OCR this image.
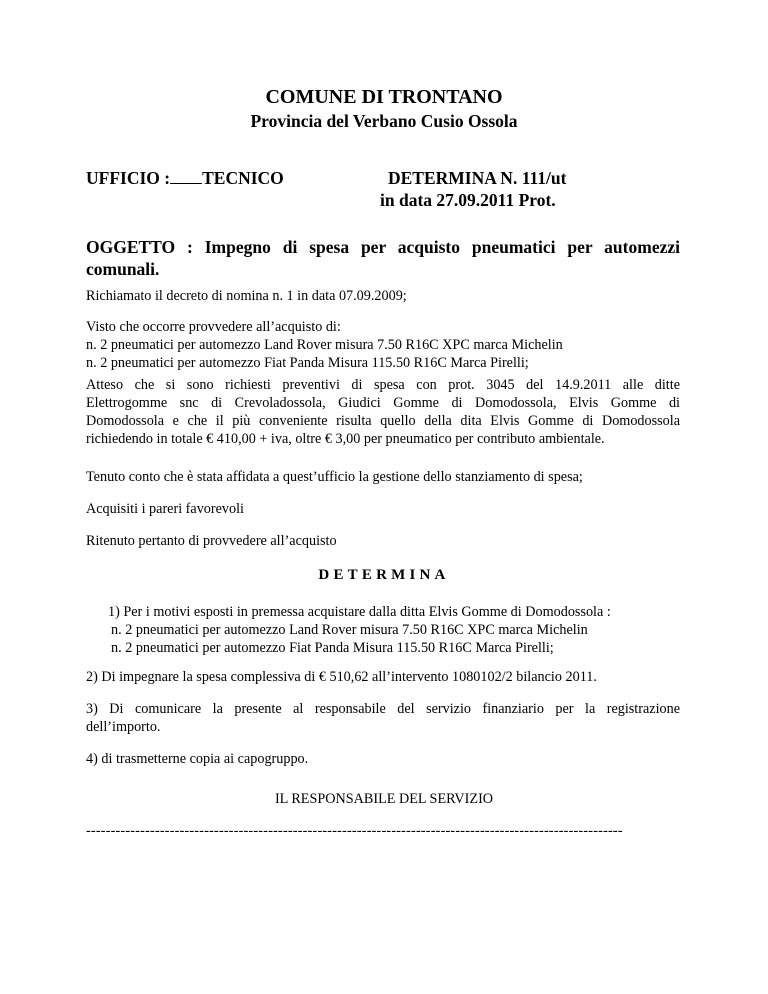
COMUNE DI TRONTANO
Provincia del Verbano Cusio Ossola
UFFICIO : TECNICO	DETERMINA N. 111/ut
in data 27.09.2011 Prot.
OGGETTO : Impegno di spesa per acquisto pneumatici per automezzi
comunali.
Richiamato il decreto di nomina n. 1 in data 07.09.2009;
Visto che occorre provvedere all’acquisto di:
n. 2 pneumatici per automezzo Land Rover misura 7.50 R16C XPC marca Michelin
n. 2 pneumatici per automezzo Fiat Panda Misura 115.50 R16C Marca Pirelli;
Atteso che si sono richiesti preventivi di spesa con prot. 3045 del 14.9.2011 alle ditte
Elettrogomme snc di Crevoladossola, Giudici Gomme di Domodossola, Elvis Gomme di
Domodossola e che il più conveniente risulta quello della dita Elvis Gomme di Domodossola
richiedendo in totale € 410,00 + iva, oltre € 3,00 per pneumatico per contributo ambientale.
Tenuto conto che è stata affidata a quest’ufficio la gestione dello stanziamento di spesa;
Acquisiti i pareri favorevoli
Ritenuto pertanto di provvedere all’acquisto
DETERMINA
1) Per i motivi esposti in premessa acquistare dalla ditta Elvis Gomme di Domodossola :
n. 2 pneumatici per automezzo Land Rover misura 7.50 R16C XPC marca Michelin
n. 2 pneumatici per automezzo Fiat Panda Misura 115.50 R16C Marca Pirelli;
2) Di impegnare la spesa complessiva di € 510,62 all’intervento 1080102/2 bilancio 2011.
3) Di comunicare la presente al responsabile del servizio finanziario per la registrazione
dell’importo.
4) di trasmetterne copia ai capogruppo.
IL RESPONSABILE DEL SERVIZIO
-------------------------------------------------------------------------------------------------------------
